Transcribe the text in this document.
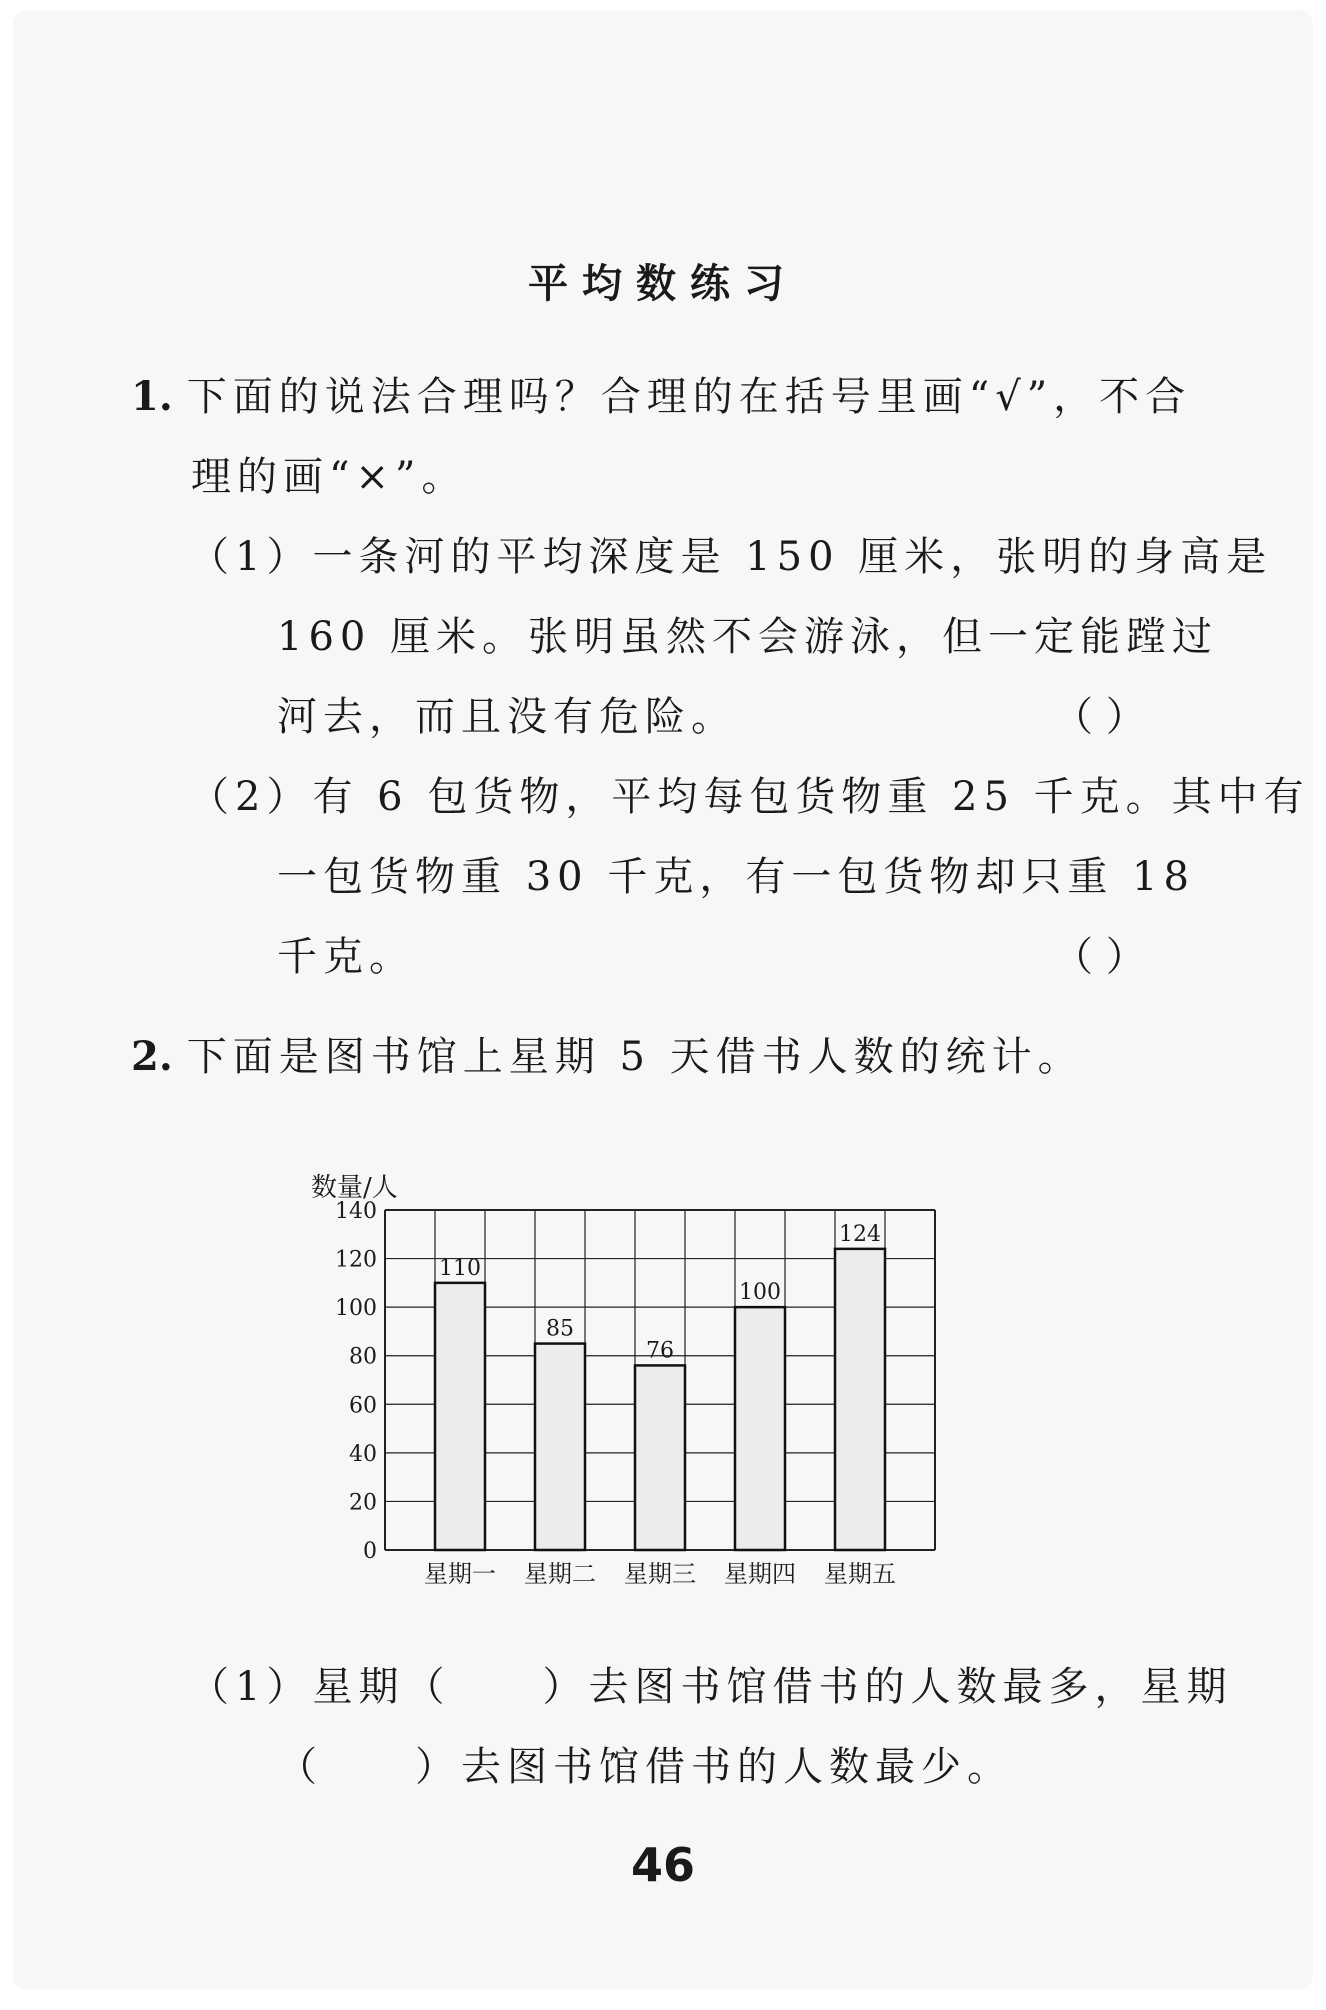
平均数练习
1. 下面的说法合理吗？合理的在括号里画“√”，不合
理的画“×”。
（1）一条河的平均深度是 150 厘米，张明的身高是
160 厘米。张明虽然不会游泳，但一定能蹚过
河去，而且没有危险。	（ ）
（2）有 6 包货物，平均每包货物重 25 千克。其中有
一包货物重 30 千克，有一包货物却只重 18
千克。	（ ）
2. 下面是图书馆上星期 5 天借书人数的统计。
数量/人
0
20
40
60
80
100
120
140
星期一 星期二 星期三 星期四 星期五
110
85
76
100
124
（1）星期（　　）去图书馆借书的人数最多，星期
（　　）去图书馆借书的人数最少。
46
